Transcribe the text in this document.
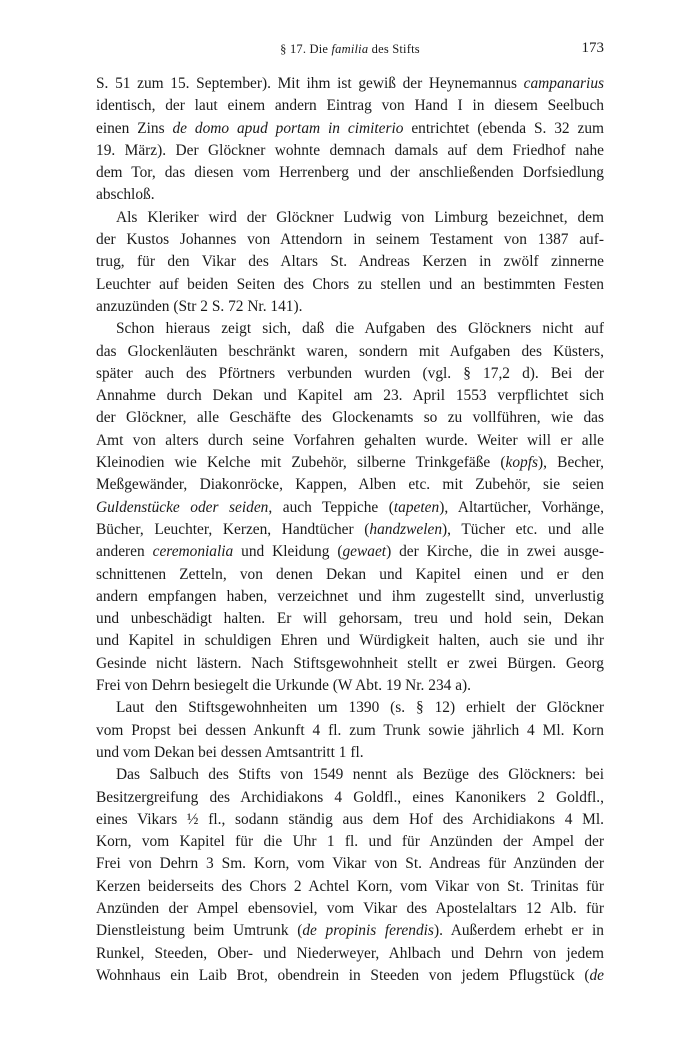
§ 17. Die familia des Stifts	173
S. 51 zum 15. September). Mit ihm ist gewiß der Heynemannus campanarius
identisch, der laut einem andern Eintrag von Hand I in diesem Seelbuch
einen Zins de domo apud portam in cimiterio entrichtet (ebenda S. 32 zum
19. März). Der Glöckner wohnte demnach damals auf dem Friedhof nahe
dem Tor, das diesen vom Herrenberg und der anschließenden Dorfsiedlung
abschloß.
Als Kleriker wird der Glöckner Ludwig von Limburg bezeichnet, dem
der Kustos Johannes von Attendorn in seinem Testament von 1387 auf-
trug, für den Vikar des Altars St. Andreas Kerzen in zwölf zinnerne
Leuchter auf beiden Seiten des Chors zu stellen und an bestimmten Festen
anzuzünden (Str 2 S. 72 Nr. 141).
Schon hieraus zeigt sich, daß die Aufgaben des Glöckners nicht auf
das Glockenläuten beschränkt waren, sondern mit Aufgaben des Küsters,
später auch des Pförtners verbunden wurden (vgl. § 17,2 d). Bei der
Annahme durch Dekan und Kapitel am 23. April 1553 verpflichtet sich
der Glöckner, alle Geschäfte des Glockenamts so zu vollführen, wie das
Amt von alters durch seine Vorfahren gehalten wurde. Weiter will er alle
Kleinodien wie Kelche mit Zubehör, silberne Trinkgefäße (kopfs), Becher,
Meßgewänder, Diakonröcke, Kappen, Alben etc. mit Zubehör, sie seien
Guldenstücke oder seiden, auch Teppiche (tapeten), Altartücher, Vorhänge,
Bücher, Leuchter, Kerzen, Handtücher (handzwelen), Tücher etc. und alle
anderen ceremonialia und Kleidung (gewaet) der Kirche, die in zwei ausge-
schnittenen Zetteln, von denen Dekan und Kapitel einen und er den
andern empfangen haben, verzeichnet und ihm zugestellt sind, unverlustig
und unbeschädigt halten. Er will gehorsam, treu und hold sein, Dekan
und Kapitel in schuldigen Ehren und Würdigkeit halten, auch sie und ihr
Gesinde nicht lästern. Nach Stiftsgewohnheit stellt er zwei Bürgen. Georg
Frei von Dehrn besiegelt die Urkunde (W Abt. 19 Nr. 234 a).
Laut den Stiftsgewohnheiten um 1390 (s. § 12) erhielt der Glöckner
vom Propst bei dessen Ankunft 4 fl. zum Trunk sowie jährlich 4 Ml. Korn
und vom Dekan bei dessen Amtsantritt 1 fl.
Das Salbuch des Stifts von 1549 nennt als Bezüge des Glöckners: bei
Besitzergreifung des Archidiakons 4 Goldfl., eines Kanonikers 2 Goldfl.,
eines Vikars ½ fl., sodann ständig aus dem Hof des Archidiakons 4 Ml.
Korn, vom Kapitel für die Uhr 1 fl. und für Anzünden der Ampel der
Frei von Dehrn 3 Sm. Korn, vom Vikar von St. Andreas für Anzünden der
Kerzen beiderseits des Chors 2 Achtel Korn, vom Vikar von St. Trinitas für
Anzünden der Ampel ebensoviel, vom Vikar des Apostelaltars 12 Alb. für
Dienstleistung beim Umtrunk (de propinis ferendis). Außerdem erhebt er in
Runkel, Steeden, Ober- und Niederweyer, Ahlbach und Dehrn von jedem
Wohnhaus ein Laib Brot, obendrein in Steeden von jedem Pflugstück (de
